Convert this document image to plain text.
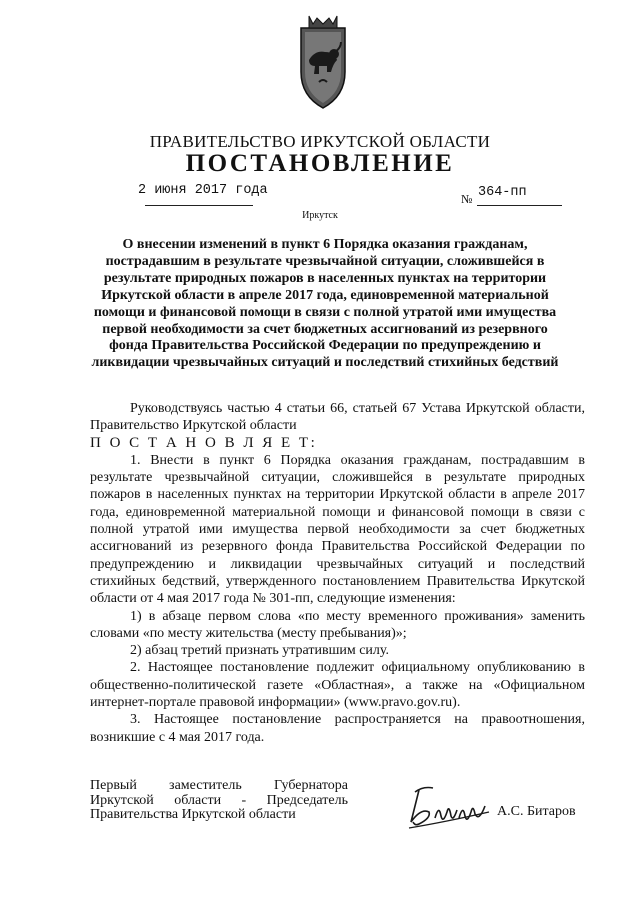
ПРАВИТЕЛЬСТВО ИРКУТСКОЙ ОБЛАСТИ
ПОСТАНОВЛЕНИЕ
2 июня 2017 года
№ 364-пп
Иркутск
О внесении изменений в пункт 6 Порядка оказания гражданам, пострадавшим в результате чрезвычайной ситуации, сложившейся в результате природных пожаров в населенных пунктах на территории Иркутской области в апреле 2017 года, единовременной материальной помощи и финансовой помощи в связи с полной утратой ими имущества первой необходимости за счет бюджетных ассигнований из резервного фонда Правительства Российской Федерации по предупреждению и ликвидации чрезвычайных ситуаций и последствий стихийных бедствий

Руководствуясь частью 4 статьи 66, статьей 67 Устава Иркутской области, Правительство Иркутской области

П О С Т А Н О В Л Я Е Т:

1. Внести в пункт 6 Порядка оказания гражданам, пострадавшим в результате чрезвычайной ситуации, сложившейся в результате природных пожаров в населенных пунктах на территории Иркутской области в апреле 2017 года, единовременной материальной помощи и финансовой помощи в связи с полной утратой ими имущества первой необходимости за счет бюджетных ассигнований из резервного фонда Правительства Российской Федерации по предупреждению и ликвидации чрезвычайных ситуаций и последствий стихийных бедствий, утвержденного постановлением Правительства Иркутской области от 4 мая 2017 года № 301-пп, следующие изменения:

1) в абзаце первом слова «по месту временного проживания» заменить словами «по месту жительства (месту пребывания)»;

2) абзац третий признать утратившим силу.

2. Настоящее постановление подлежит официальному опубликованию в общественно-политической газете «Областная», а также на «Официальном интернет-портале правовой информации» (www.pravo.gov.ru).

3. Настоящее постановление распространяется на правоотношения, возникшие с 4 мая 2017 года.

Первый заместитель Губернатора
Иркутской области - Председатель
Правительства Иркутской области	А.С. Битаров
